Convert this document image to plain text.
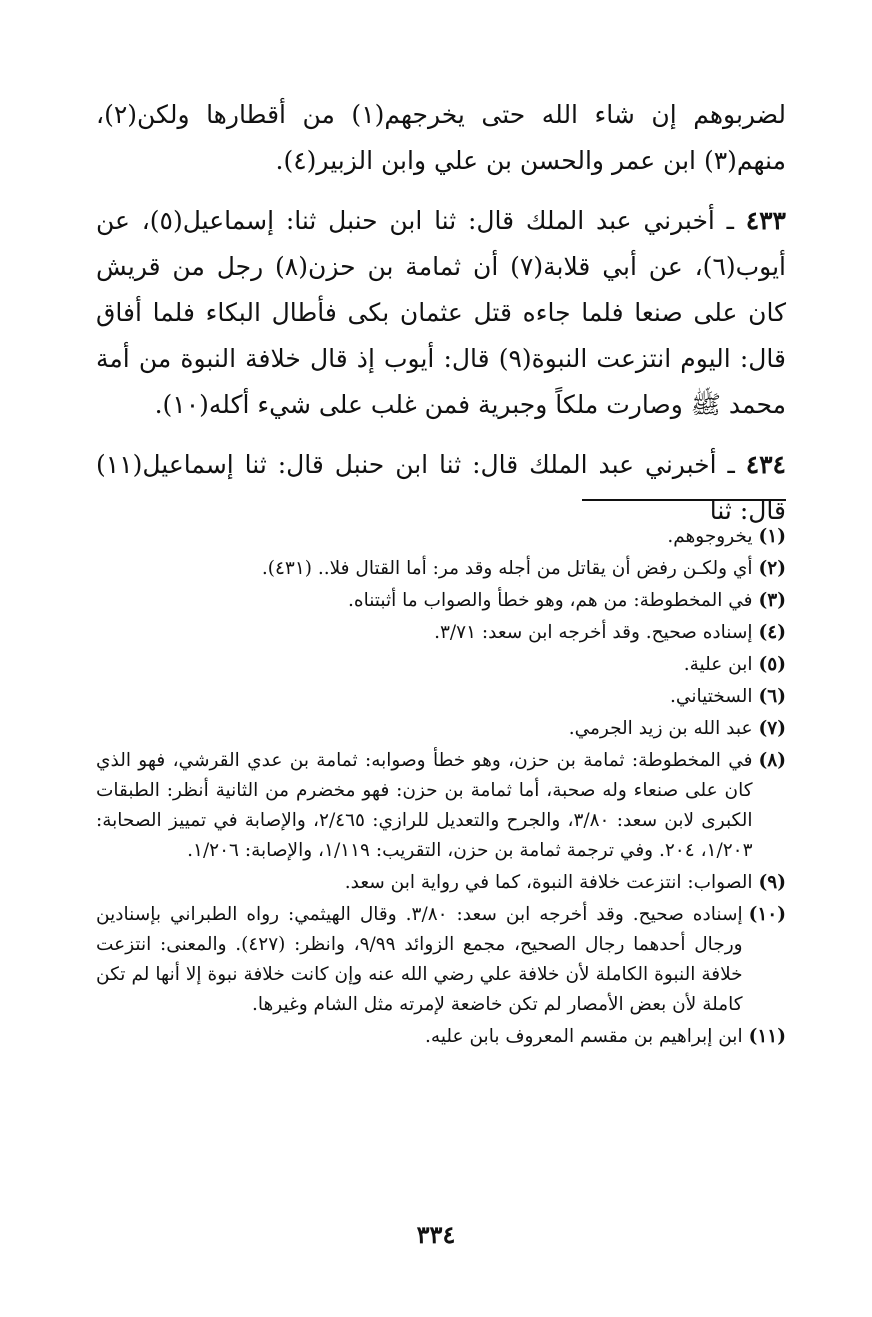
لضربوهم إن شاء الله حتى يخرجهم(١) من أقطارها ولكن(٢)، منهم(٣) ابن عمر والحسن بن علي وابن الزبير(٤).

٤٣٣ ـ أخبرني عبد الملك قال: ثنا ابن حنبل ثنا: إسماعيل(٥)، عن أيوب(٦)، عن أبي قلابة(٧) أن ثمامة بن حزن(٨) رجل من قريش كان على صنعا فلما جاءه قتل عثمان بكى فأطال البكاء فلما أفاق قال: اليوم انتزعت النبوة(٩) قال: أيوب إذ قال خلافة النبوة من أمة محمد ﷺ وصارت ملكاً وجبرية فمن غلب على شيء أكله(١٠).

٤٣٤ ـ أخبرني عبد الملك قال: ثنا ابن حنبل قال: ثنا إسماعيل(١١) قال: ثنا

(١)
يخروجوهم.
(٢)
أي ولكـن رفض أن يقاتل من أجله وقد مر: أما القتال فلا.. (٤٣١).
(٣)
في المخطوطة: من هم، وهو خطأ والصواب ما أثبتناه.
(٤)
إسناده صحيح. وقد أخرجه ابن سعد: ٣/٧١.
(٥)
ابن علية.
(٦)
السختياني.
(٧)
عبد الله بن زيد الجرمي.
(٨)
في المخطوطة: ثمامة بن حزن، وهو خطأ وصوابه: ثمامة بن عدي القرشي، فهو الذي كان على صنعاء وله صحبة، أما ثمامة بن حزن: فهو مخضرم من الثانية أنظر: الطبقات الكبرى لابن سعد: ٣/٨٠، والجرح والتعديل للرازي: ٢/٤٦٥، والإصابة في تمييز الصحابة: ١/٢٠٣، ٢٠٤. وفي ترجمة ثمامة بن حزن، التقريب: ١/١١٩، والإصابة: ١/٢٠٦.
(٩)
الصواب: انتزعت خلافة النبوة، كما في رواية ابن سعد.
(١٠)
إسناده صحيح. وقد أخرجه ابن سعد: ٣/٨٠. وقال الهيثمي: رواه الطبراني بإسنادين ورجال أحدهما رجال الصحيح، مجمع الزوائد ٩/٩٩، وانظر: (٤٢٧). والمعنى: انتزعت خلافة النبوة الكاملة لأن خلافة علي رضي الله عنه وإن كانت خلافة نبوة إلا أنها لم تكن كاملة لأن بعض الأمصار لم تكن خاضعة لإمرته مثل الشام وغيرها.
(١١)
ابن إبراهيم بن مقسم المعروف بابن عليه.
٣٣٤
